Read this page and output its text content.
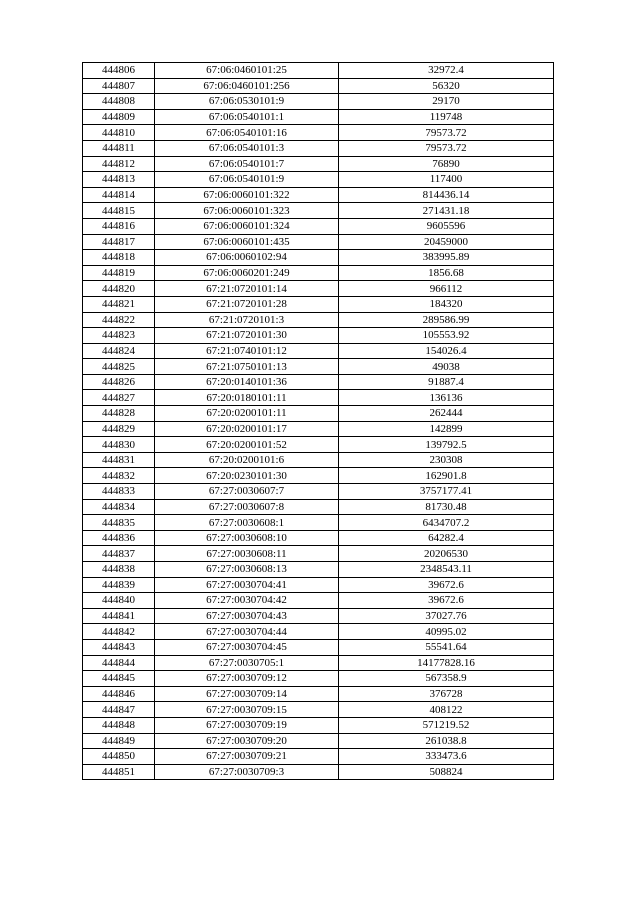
444806	67:06:0460101:25	32972.4
444807	67:06:0460101:256	56320
444808	67:06:0530101:9	29170
444809	67:06:0540101:1	119748
444810	67:06:0540101:16	79573.72
444811	67:06:0540101:3	79573.72
444812	67:06:0540101:7	76890
444813	67:06:0540101:9	117400
444814	67:06:0060101:322	814436.14
444815	67:06:0060101:323	271431.18
444816	67:06:0060101:324	9605596
444817	67:06:0060101:435	20459000
444818	67:06:0060102:94	383995.89
444819	67:06:0060201:249	1856.68
444820	67:21:0720101:14	966112
444821	67:21:0720101:28	184320
444822	67:21:0720101:3	289586.99
444823	67:21:0720101:30	105553.92
444824	67:21:0740101:12	154026.4
444825	67:21:0750101:13	49038
444826	67:20:0140101:36	91887.4
444827	67:20:0180101:11	136136
444828	67:20:0200101:11	262444
444829	67:20:0200101:17	142899
444830	67:20:0200101:52	139792.5
444831	67:20:0200101:6	230308
444832	67:20:0230101:30	162901.8
444833	67:27:0030607:7	3757177.41
444834	67:27:0030607:8	81730.48
444835	67:27:0030608:1	6434707.2
444836	67:27:0030608:10	64282.4
444837	67:27:0030608:11	20206530
444838	67:27:0030608:13	2348543.11
444839	67:27:0030704:41	39672.6
444840	67:27:0030704:42	39672.6
444841	67:27:0030704:43	37027.76
444842	67:27:0030704:44	40995.02
444843	67:27:0030704:45	55541.64
444844	67:27:0030705:1	14177828.16
444845	67:27:0030709:12	567358.9
444846	67:27:0030709:14	376728
444847	67:27:0030709:15	408122
444848	67:27:0030709:19	571219.52
444849	67:27:0030709:20	261038.8
444850	67:27:0030709:21	333473.6
444851	67:27:0030709:3	508824
